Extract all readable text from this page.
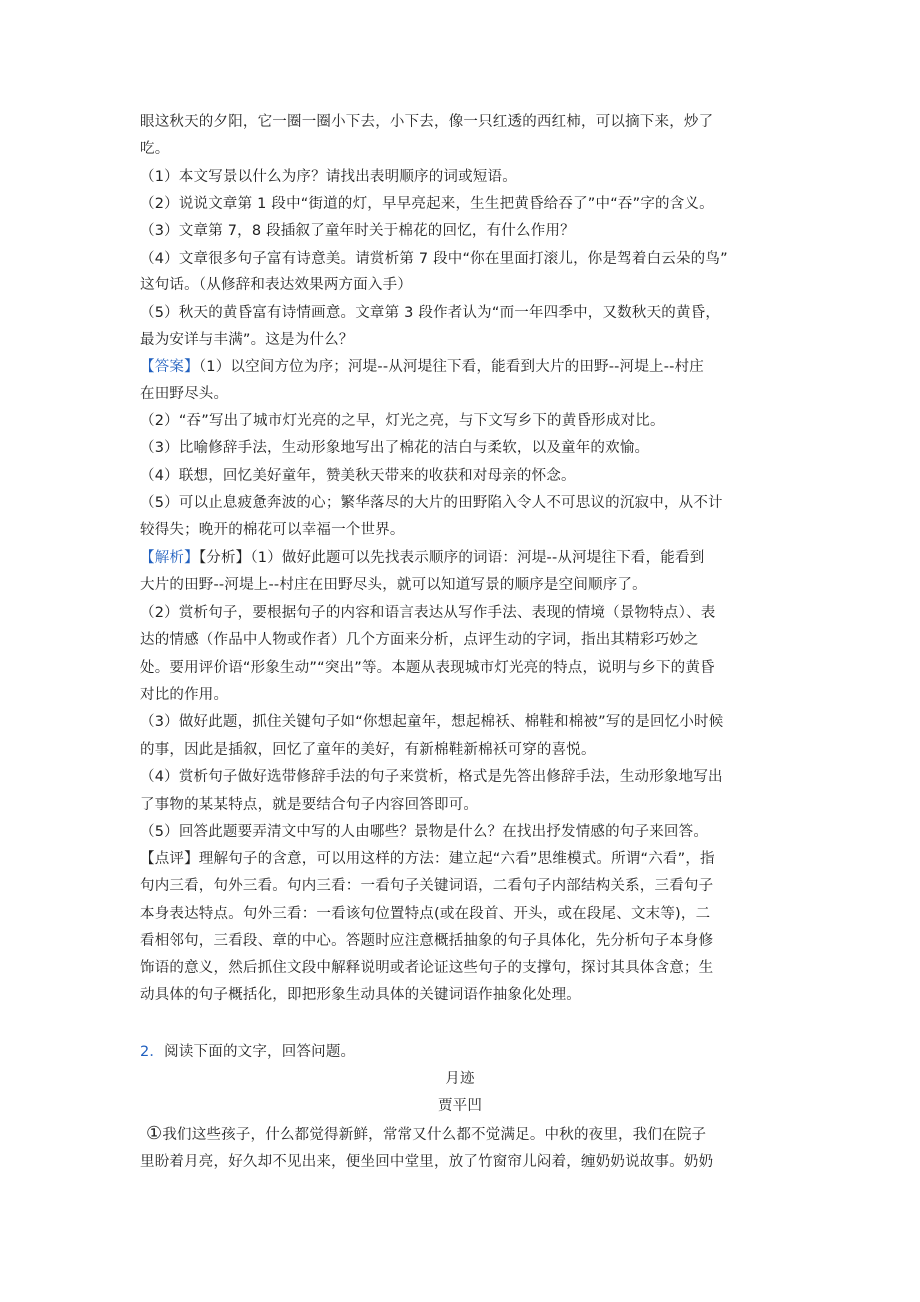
眼这秋天的夕阳，它一圈一圈小下去，小下去，像一只红透的西红柿，可以摘下来，炒了
吃。
（1）本文写景以什么为序？请找出表明顺序的词或短语。
（2）说说文章第 1 段中“街道的灯，早早亮起来，生生把黄昏给吞了”中“吞”字的含义。
（3）文章第 7，8 段插叙了童年时关于棉花的回忆，有什么作用？
（4）文章很多句子富有诗意美。请赏析第 7 段中“你在里面打滚儿，你是驾着白云朵的鸟”
这句话。（从修辞和表达效果两方面入手）
（5）秋天的黄昏富有诗情画意。文章第 3 段作者认为“而一年四季中，又数秋天的黄昏，
最为安详与丰满”。这是为什么？
【答案】（1）以空间方位为序；河堤--从河堤往下看，能看到大片的田野--河堤上--村庄
在田野尽头。
（2）“吞”写出了城市灯光亮的之早，灯光之亮，与下文写乡下的黄昏形成对比。
（3）比喻修辞手法，生动形象地写出了棉花的洁白与柔软，以及童年的欢愉。
（4）联想，回忆美好童年，赞美秋天带来的收获和对母亲的怀念。
（5）可以止息疲惫奔波的心；繁华落尽的大片的田野陷入令人不可思议的沉寂中，从不计
较得失；晚开的棉花可以幸福一个世界。
【解析】【分析】（1）做好此题可以先找表示顺序的词语：河堤--从河堤往下看，能看到
大片的田野--河堤上--村庄在田野尽头，就可以知道写景的顺序是空间顺序了。
（2）赏析句子，要根据句子的内容和语言表达从写作手法、表现的情境（景物特点）、表
达的情感（作品中人物或作者）几个方面来分析，点评生动的字词，指出其精彩巧妙之
处。要用评价语“形象生动”“突出”等。本题从表现城市灯光亮的特点，说明与乡下的黄昏
对比的作用。
（3）做好此题，抓住关键句子如“你想起童年，想起棉袄、棉鞋和棉被”写的是回忆小时候
的事，因此是插叙，回忆了童年的美好，有新棉鞋新棉袄可穿的喜悦。
（4）赏析句子做好选带修辞手法的句子来赏析，格式是先答出修辞手法，生动形象地写出
了事物的某某特点，就是要结合句子内容回答即可。
（5）回答此题要弄清文中写的人由哪些？景物是什么？在找出抒发情感的句子来回答。
【点评】理解句子的含意，可以用这样的方法：建立起“六看”思维模式。所谓“六看”，指
句内三看，句外三看。句内三看：一看句子关键词语，二看句子内部结构关系，三看句子
本身表达特点。句外三看：一看该句位置特点(或在段首、开头，或在段尾、文末等)，二
看相邻句，三看段、章的中心。答题时应注意概括抽象的句子具体化，先分析句子本身修
饰语的意义，然后抓住文段中解释说明或者论证这些句子的支撑句，探讨其具体含意；生
动具体的句子概括化，即把形象生动具体的关键词语作抽象化处理。
2．阅读下面的文字，回答问题。
月迹
贾平凹
①我们这些孩子，什么都觉得新鲜，常常又什么都不觉满足。中秋的夜里，我们在院子
里盼着月亮，好久却不见出来，便坐回中堂里，放了竹窗帘儿闷着，缠奶奶说故事。奶奶
